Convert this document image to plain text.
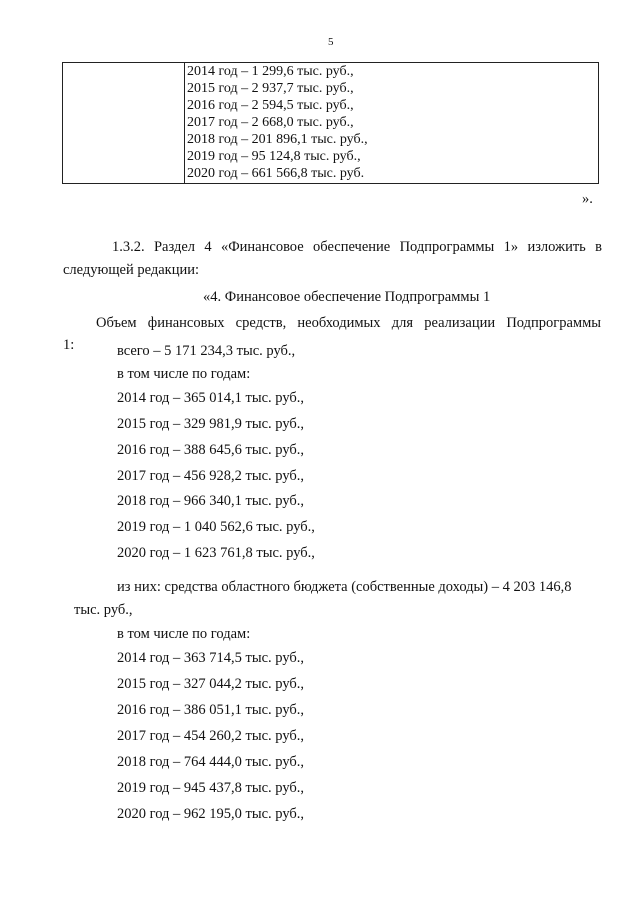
5
2014 год – 1 299,6 тыс. руб.,
2015 год – 2 937,7 тыс. руб.,
2016 год – 2 594,5 тыс. руб.,
2017 год – 2 668,0 тыс. руб.,
2018 год – 201 896,1 тыс. руб.,
2019 год – 95 124,8 тыс. руб.,
2020 год – 661 566,8 тыс. руб.
».
1.3.2. Раздел 4 «Финансовое обеспечение Подпрограммы 1» изложить в
следующей редакции:
«4. Финансовое обеспечение Подпрограммы 1
Объем финансовых средств, необходимых для реализации Подпрограммы
1:	всего – 5 171 234,3 тыс. руб.,
в том числе по годам:
2014 год – 365 014,1 тыс. руб.,
2015 год – 329 981,9 тыс. руб.,
2016 год – 388 645,6 тыс. руб.,
2017 год – 456 928,2 тыс. руб.,
2018 год – 966 340,1 тыс. руб.,
2019 год – 1 040 562,6 тыс. руб.,
2020 год – 1 623 761,8 тыс. руб.,
из них: средства областного бюджета (собственные доходы) – 4 203 146,8
тыс. руб.,
в том числе по годам:
2014 год – 363 714,5 тыс. руб.,
2015 год – 327 044,2 тыс. руб.,
2016 год – 386 051,1 тыс. руб.,
2017 год – 454 260,2 тыс. руб.,
2018 год – 764 444,0 тыс. руб.,
2019 год – 945 437,8 тыс. руб.,
2020 год – 962 195,0 тыс. руб.,
